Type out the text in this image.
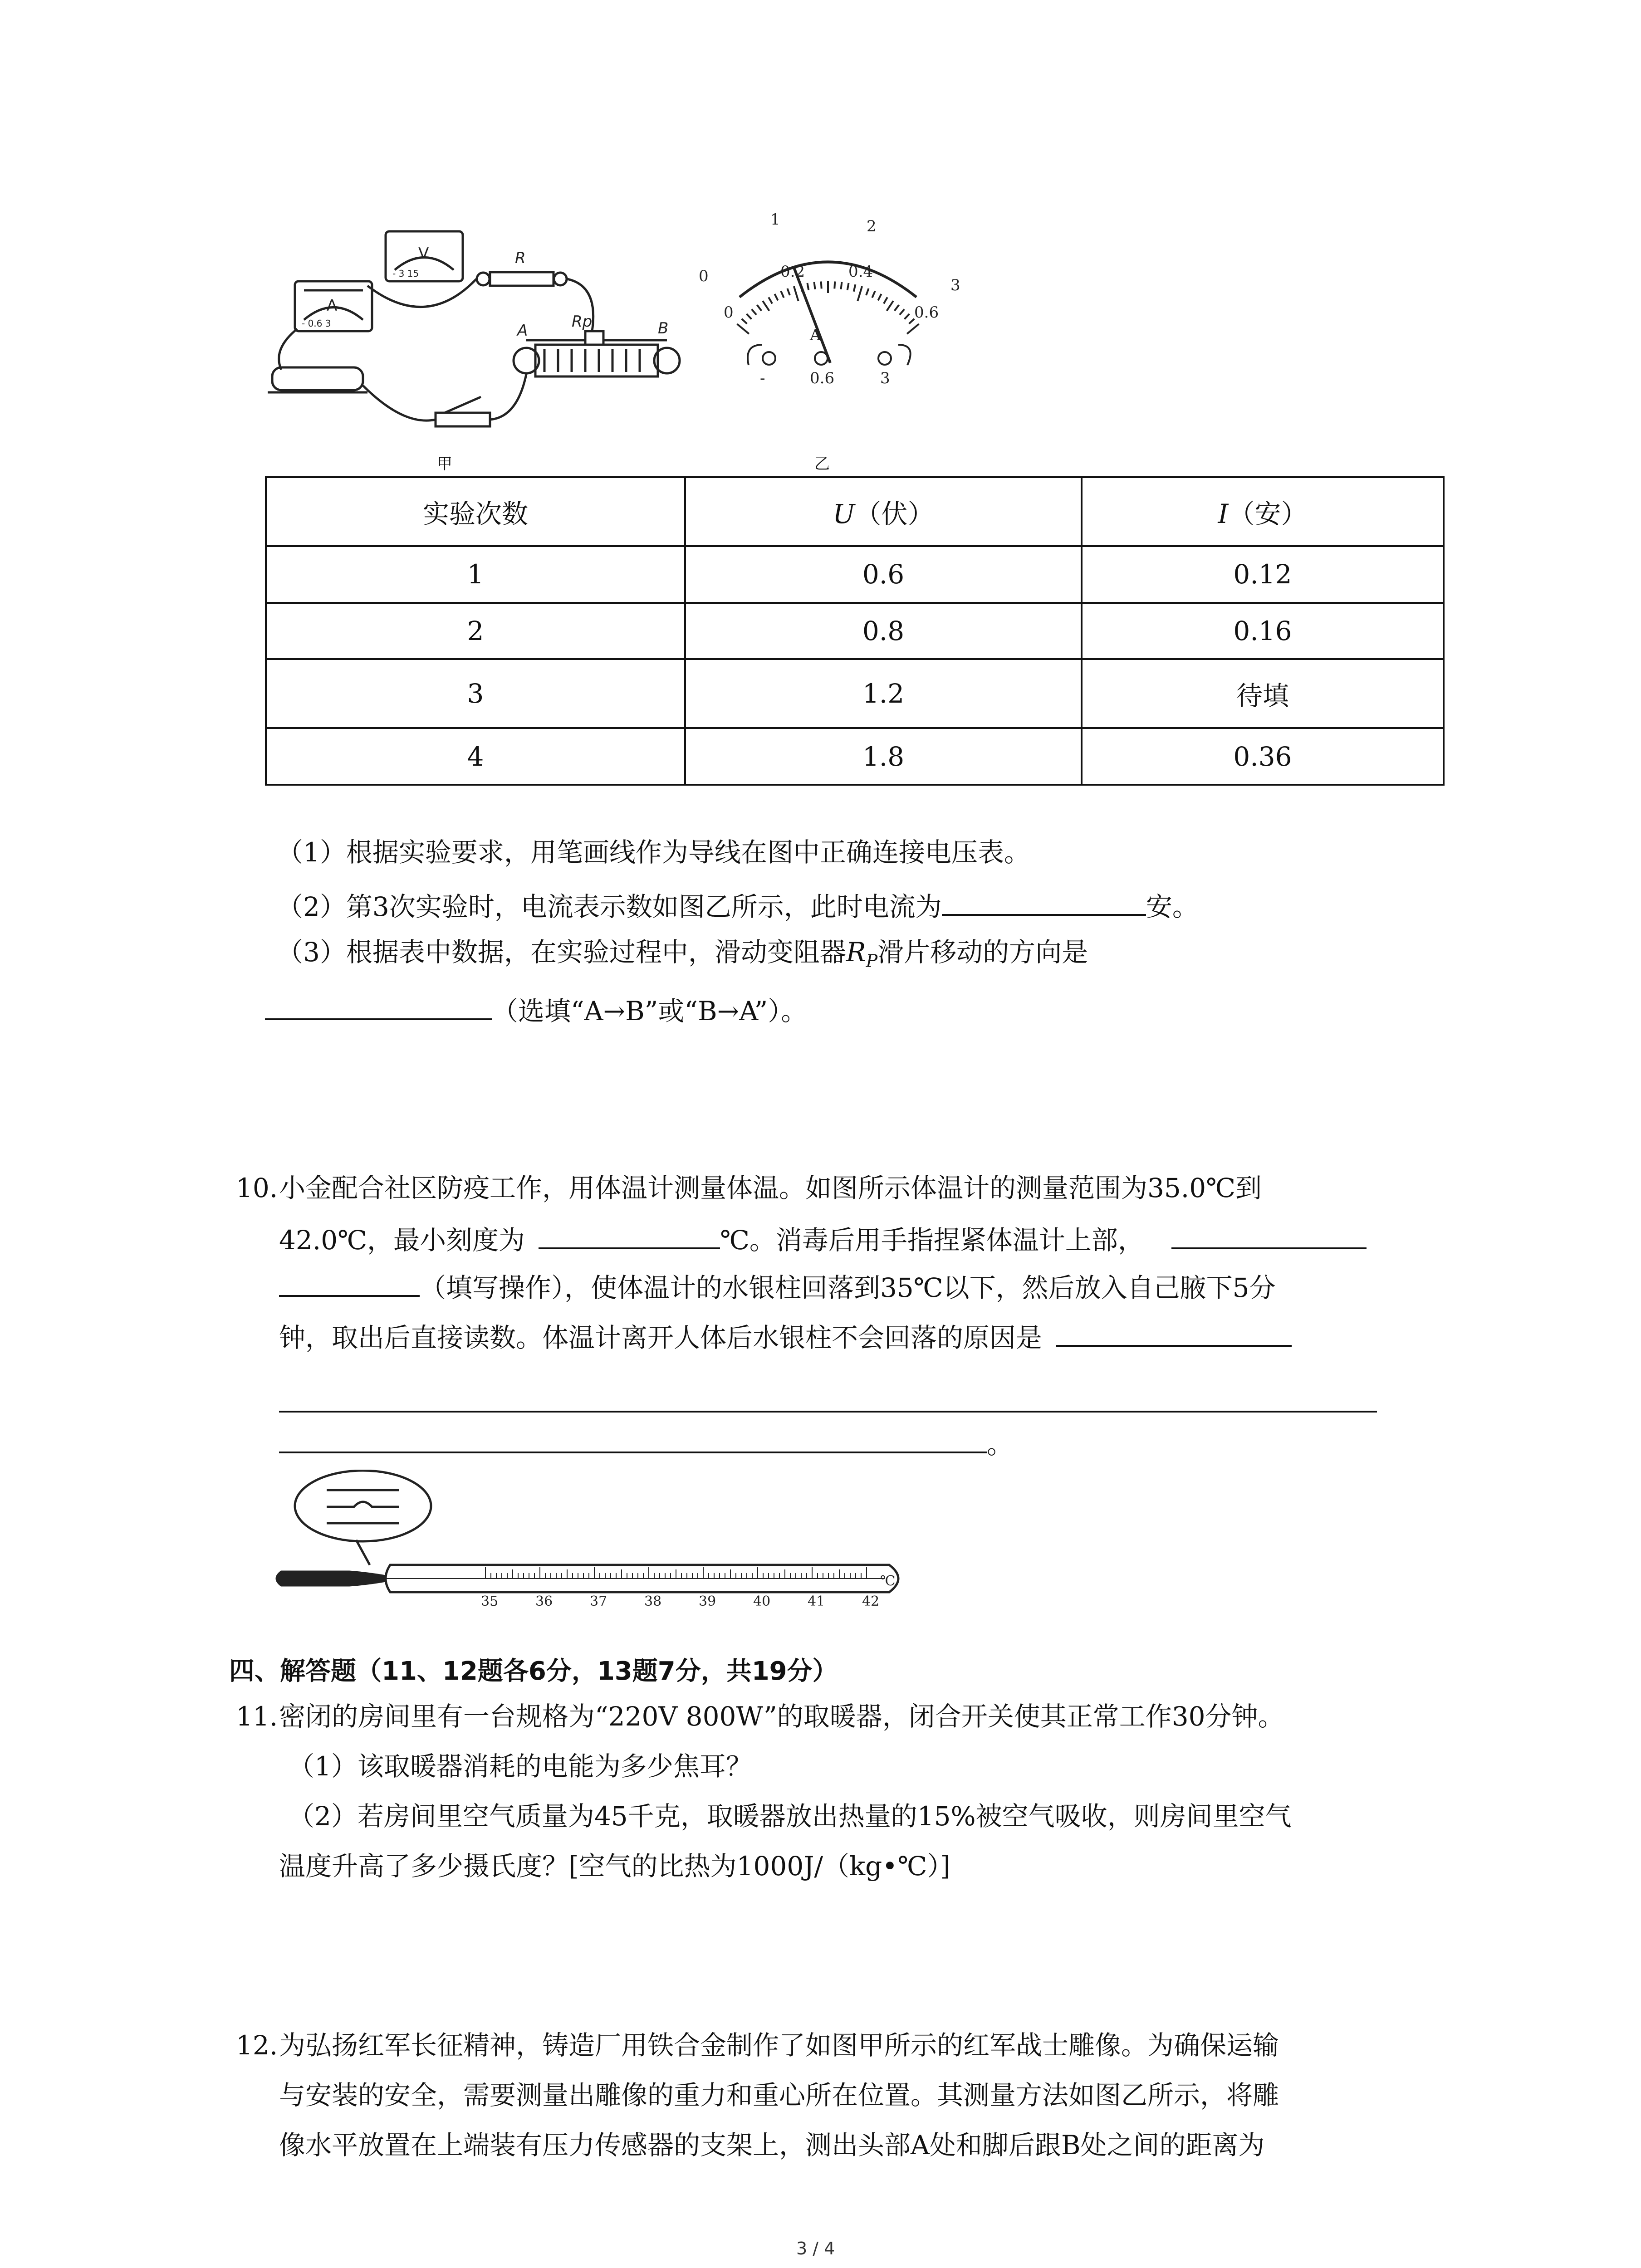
A
V	R
Rp
A	B
- 0.6 3
- 3 15
甲
0
1	2
3
0
0.2	0.4
0.6
A
-	0.6	3
乙
实验次数	U（伏）	I（安）
1	0.6	0.12
2	0.8	0.16
3	1.2	待填
4	1.8	0.36
（1）根据实验要求，用笔画线作为导线在图中正确连接电压表。
（2）第3次实验时，电流表示数如图乙所示，此时电流为	安。
（3）根据表中数据，在实验过程中，滑动变阻器$R_P$滑片移动的方向是
（选填“A→B”或“B→A”）。
10. 小金配合社区防疫工作，用体温计测量体温。如图所示体温计的测量范围为35.0℃到
42.0℃，最小刻度为	℃。消毒后用手指捏紧体温计上部，
（填写操作），使体温计的水银柱回落到35℃以下，然后放入自己腋下5分
钟，取出后直接读数。体温计离开人体后水银柱不会回落的原因是
。
35	36	37	38	39	40	41	42
℃
四、解答题（11、12题各6分，13题7分，共19分）
11. 密闭的房间里有一台规格为“220V 800W”的取暖器，闭合开关使其正常工作30分钟。
（1）该取暖器消耗的电能为多少焦耳？
（2）若房间里空气质量为45千克，取暖器放出热量的15%被空气吸收，则房间里空气
温度升高了多少摄氏度？[空气的比热为1000J/（kg•℃）]
12. 为弘扬红军长征精神，铸造厂用铁合金制作了如图甲所示的红军战士雕像。为确保运输
与安装的安全，需要测量出雕像的重力和重心所在位置。其测量方法如图乙所示，将雕
像水平放置在上端装有压力传感器的支架上，测出头部A处和脚后跟B处之间的距离为
3 / 4
